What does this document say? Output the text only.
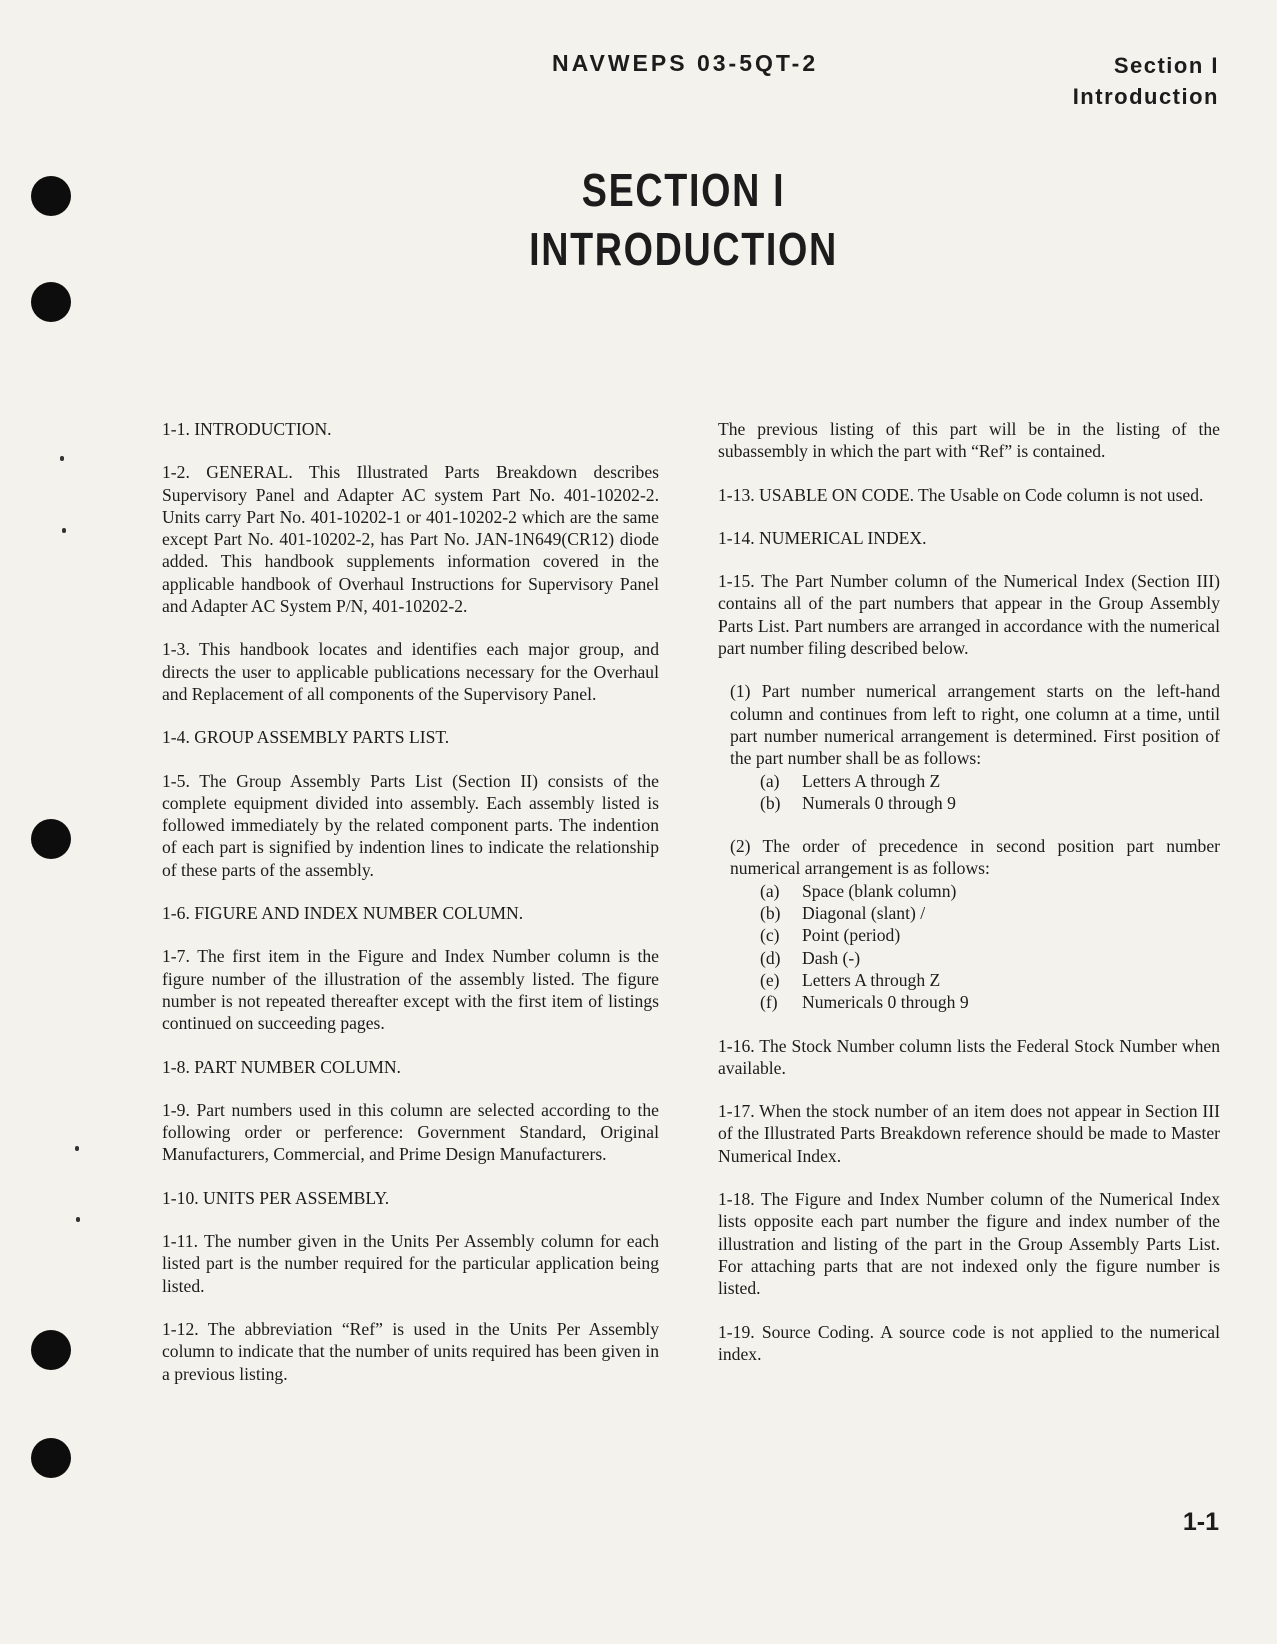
NAVWEPS 03-5QT-2	Section I
Introduction
SECTION I
INTRODUCTION

1-1. INTRODUCTION.

1-2. GENERAL. This Illustrated Parts Breakdown describes Supervisory Panel and Adapter AC system Part No. 401-10202-2. Units carry Part No. 401-10202-1 or 401-10202-2 which are the same except Part No. 401-10202-2, has Part No. JAN-1N649(CR12) diode added. This handbook supplements information covered in the applicable handbook of Overhaul Instructions for Supervisory Panel and Adapter AC System P/N, 401-10202-2.

1-3. This handbook locates and identifies each major group, and directs the user to applicable publications necessary for the Overhaul and Replacement of all components of the Supervisory Panel.

1-4. GROUP ASSEMBLY PARTS LIST.

1-5. The Group Assembly Parts List (Section II) consists of the complete equipment divided into assembly. Each assembly listed is followed immediately by the related component parts. The indention of each part is signified by indention lines to indicate the relationship of these parts of the assembly.

1-6. FIGURE AND INDEX NUMBER COLUMN.

1-7. The first item in the Figure and Index Number column is the figure number of the illustration of the assembly listed. The figure number is not repeated thereafter except with the first item of listings continued on succeeding pages.

1-8. PART NUMBER COLUMN.

1-9. Part numbers used in this column are selected according to the following order or perference: Government Standard, Original Manufacturers, Commercial, and Prime Design Manufacturers.

1-10. UNITS PER ASSEMBLY.

1-11. The number given in the Units Per Assembly column for each listed part is the number required for the particular application being listed.

1-12. The abbreviation “Ref” is used in the Units Per Assembly column to indicate that the number of units required has been given in a previous listing.

The previous listing of this part will be in the listing of the subassembly in which the part with “Ref” is contained.

1-13. USABLE ON CODE. The Usable on Code column is not used.

1-14. NUMERICAL INDEX.

1-15. The Part Number column of the Numerical Index (Section III) contains all of the part numbers that appear in the Group Assembly Parts List. Part numbers are arranged in accordance with the numerical part number filing described below.

(1) Part number numerical arrangement starts on the left-hand column and continues from left to right, one column at a time, until part number numerical arrangement is determined. First position of the part number shall be as follows:

(a) Letters A through Z
(b) Numerals 0 through 9

(2) The order of precedence in second position part number numerical arrangement is as follows:

(a) Space (blank column)
(b) Diagonal (slant) /
(c) Point (period)
(d) Dash (-)
(e) Letters A through Z
(f) Numericals 0 through 9

1-16. The Stock Number column lists the Federal Stock Number when available.

1-17. When the stock number of an item does not appear in Section III of the Illustrated Parts Breakdown reference should be made to Master Numerical Index.

1-18. The Figure and Index Number column of the Numerical Index lists opposite each part number the figure and index number of the illustration and listing of the part in the Group Assembly Parts List. For attaching parts that are not indexed only the figure number is listed.

1-19. Source Coding. A source code is not applied to the numerical index.

1-1
